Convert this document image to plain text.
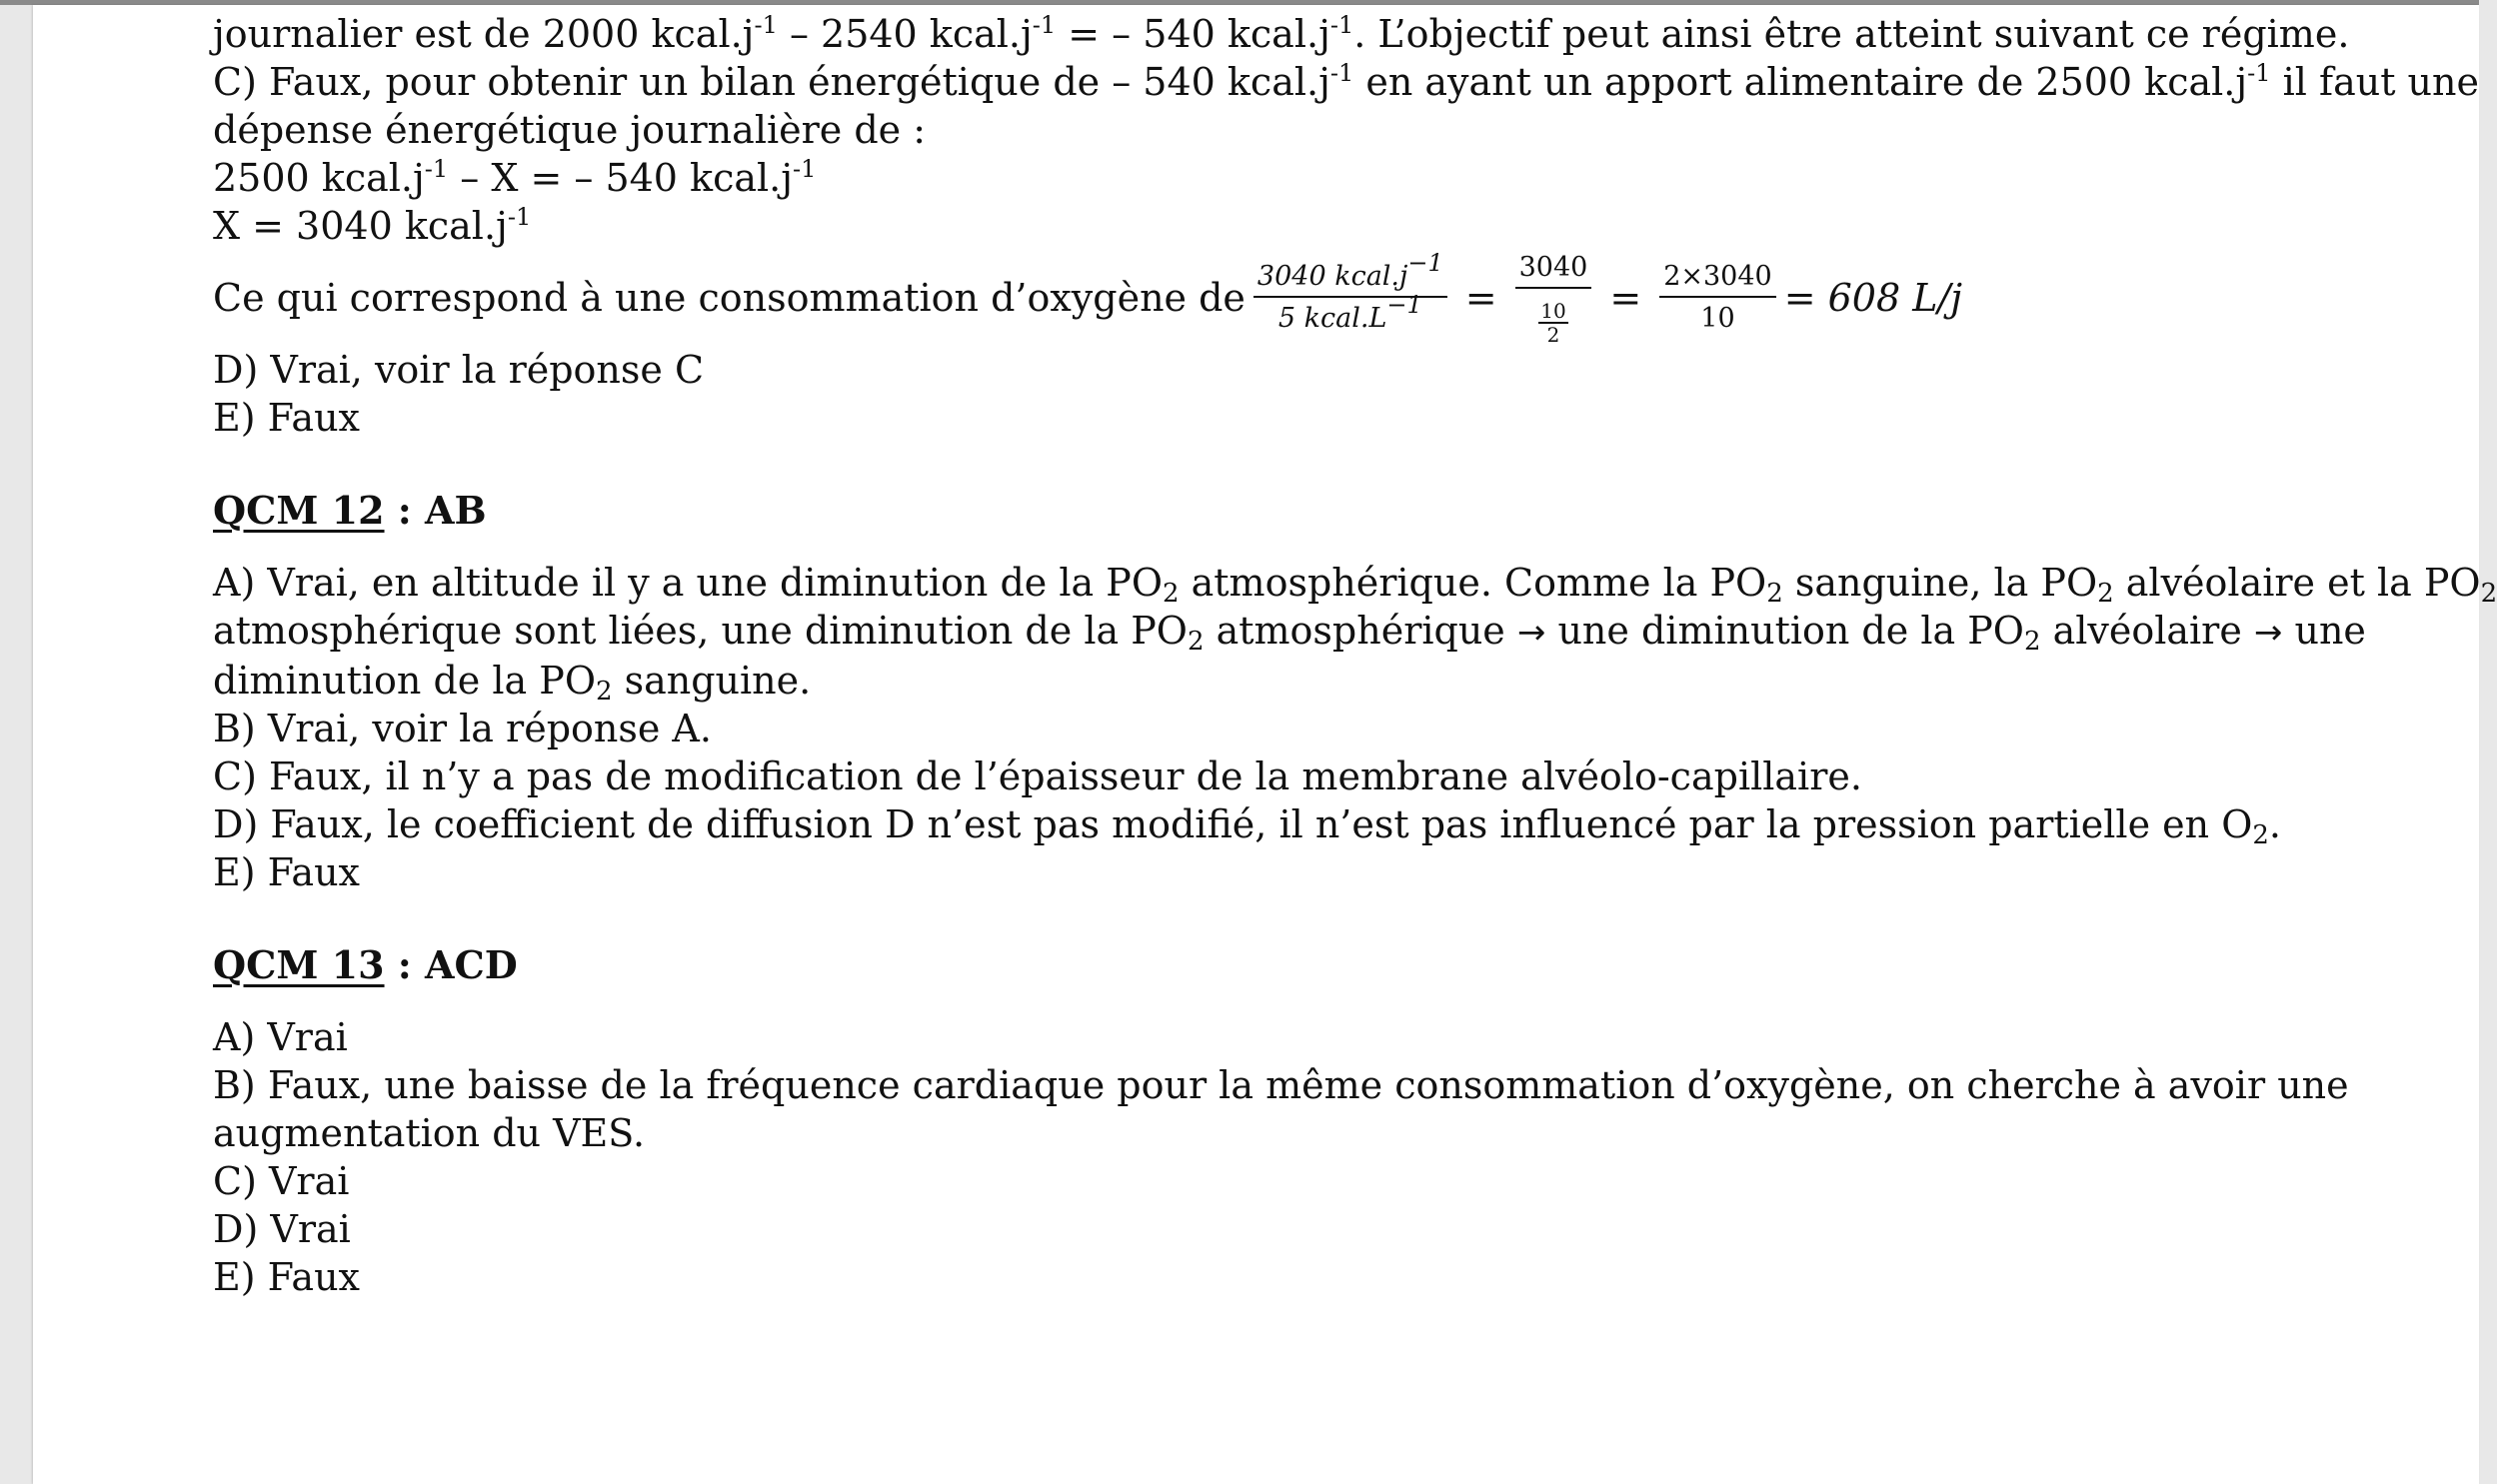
journalier est de 2000 $kcal.j^{-1} - 2540$ $kcal.j^{-1}$ = – 540 $kcal.j^{-1}$. L’objectif peut ainsi être atteint suivant ce régime.
C) Faux, pour obtenir un bilan énergétique de – 540 $kcal.j^{-1}$ en ayant un apport alimentaire de 2500 $kcal.j^{-1}$ il faut une
dépense énergétique journalière de :
2500 $kcal.j^{-1}$ – X = – 540 $kcal.j^{-1}$
X = 3040 $kcal.j^{-1}$
Ce qui correspond à une consommation d’oxygène de $\frac{3040 kcal.j^{-1}}{5 kcal.L^{-1}} = \frac{3040}{\frac{10}{2}} = \frac{2\times 3040}{10} = 608$ L/j
D) Vrai, voir la réponse C
E) Faux
QCM 12 : AB
A) Vrai, en altitude il y a une diminution de la $PO_2$ atmosphérique. Comme la $PO_2$ sanguine, la $PO_2$ alvéolaire et la $PO_2$
atmosphérique sont liées, une diminution de la $PO_2$ atmosphérique → une diminution de la $PO_2$ alvéolaire → une
diminution de la $PO_2$ sanguine.
B) Vrai, voir la réponse A.
C) Faux, il n’y a pas de modification de l’épaisseur de la membrane alvéolo-capillaire.
D) Faux, le coefficient de diffusion D n’est pas modifié, il n’est pas influencé par la pression partielle en $O_2$.
E) Faux
QCM 13 : ACD
A) Vrai
B) Faux, une baisse de la fréquence cardiaque pour la même consommation d’oxygène, on cherche à avoir une
augmentation du VES.
C) Vrai
D) Vrai
E) Faux
